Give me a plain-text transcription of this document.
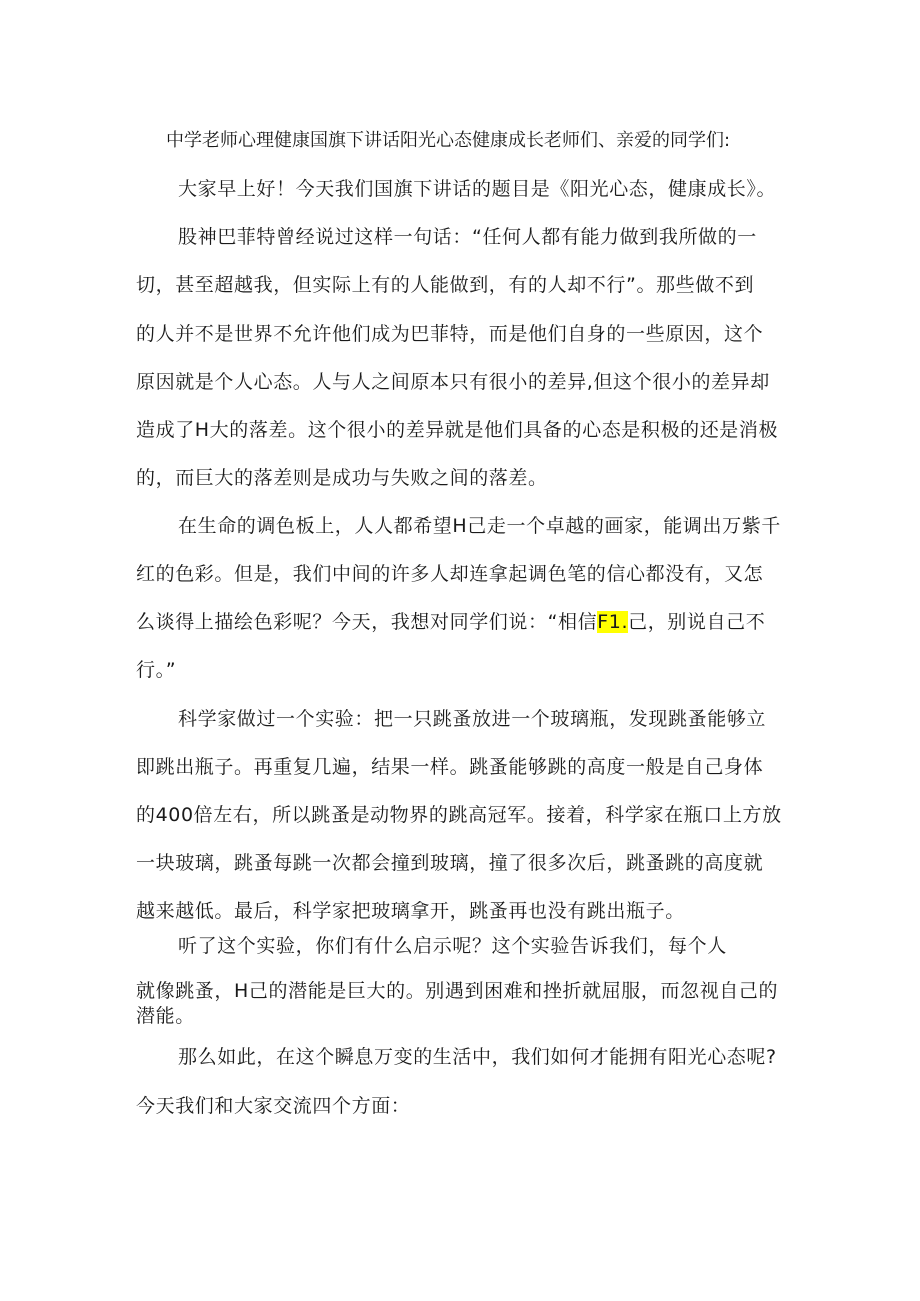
中学老师心理健康国旗下讲话阳光心态健康成长老师们、亲爱的同学们:
大家早上好！今天我们国旗下讲话的题目是《阳光心态，健康成长》。
股神巴菲特曾经说过这样一句话：“任何人都有能力做到我所做的一
切，甚至超越我，但实际上有的人能做到，有的人却不行”。那些做不到
的人并不是世界不允许他们成为巴菲特，而是他们自身的一些原因，这个
原因就是个人心态。人与人之间原本只有很小的差异,但这个很小的差异却
造成了H大的落差。这个很小的差异就是他们具备的心态是积极的还是消极
的，而巨大的落差则是成功与失败之间的落差。
在生命的调色板上，人人都希望H己走一个卓越的画家，能调出万紫千
红的色彩。但是，我们中间的许多人却连拿起调色笔的信心都没有，又怎
么谈得上描绘色彩呢？今天，我想对同学们说：“相信F1.己，别说自己不
行。”
科学家做过一个实验：把一只跳蚤放进一个玻璃瓶，发现跳蚤能够立
即跳出瓶子。再重复几遍，结果一样。跳蚤能够跳的高度一般是自己身体
的400倍左右，所以跳蚤是动物界的跳高冠军。接着，科学家在瓶口上方放
一块玻璃，跳蚤每跳一次都会撞到玻璃，撞了很多次后，跳蚤跳的高度就
越来越低。最后，科学家把玻璃拿开，跳蚤再也没有跳出瓶子。
听了这个实验，你们有什么启示呢？这个实验告诉我们，每个人
就像跳蚤，H己的潜能是巨大的。别遇到困难和挫折就屈服，而忽视自己的
潜能。
那么如此，在这个瞬息万变的生活中，我们如何才能拥有阳光心态呢?
今天我们和大家交流四个方面：
